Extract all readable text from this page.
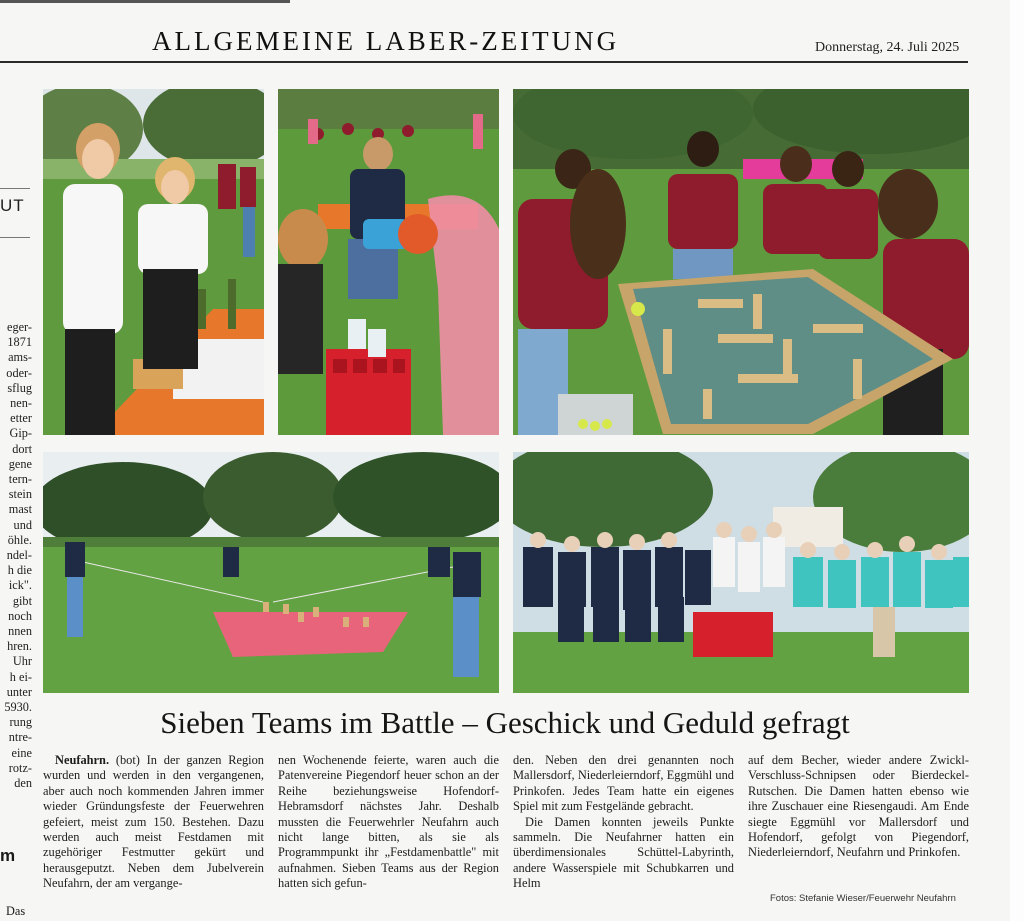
ALLGEMEINE LABER-ZEITUNG	Donnerstag, 24. Juli 2025
UT
eger-
1871
ams-
oder-
sflug
nen-
etter
Gip-
dort
gene
tern-
stein
mast
und
öhle.
ndel-
h die
ick".
gibt
noch
nnen
hren.
Uhr
h ei-
unter
5930.
rung
ntre-
eine
rotz-
den
m
Das
Sieben Teams im Battle – Geschick und Geduld gefragt

Neufahrn. (bot) In der ganzen Region wurden und werden in den vergangenen, aber auch noch kommenden Jahren immer wieder Gründungsfeste der Feuerwehren gefeiert, meist zum 150. Bestehen. Dazu werden auch meist Festdamen mit zugehöriger Festmutter gekürt und herausgeputzt. Neben dem Jubelverein Neufahrn, der am vergange-

nen Wochenende feierte, waren auch die Patenvereine Piegendorf heuer schon an der Reihe beziehungsweise Hofendorf-Hebramsdorf nächstes Jahr. Deshalb mussten die Feuerwehrler Neufahrn auch nicht lange bitten, als sie als Programmpunkt ihr „Festdamenbattle" mit aufnahmen. Sieben Teams aus der Region hatten sich gefun-

den. Neben den drei genannten noch Mallersdorf, Niederleierndorf, Eggmühl und Prinkofen. Jedes Team hatte ein eigenes Spiel mit zum Festgelände gebracht.

Die Damen konnten jeweils Punkte sammeln. Die Neufahrner hatten ein überdimensionales Schüttel-Labyrinth, andere Wasserspiele mit Schubkarren und Helm

auf dem Becher, wieder andere Zwickl-Verschluss-Schnipsen oder Bierdeckel-Rutschen. Die Damen hatten ebenso wie ihre Zuschauer eine Riesengaudi. Am Ende siegte Eggmühl vor Mallersdorf und Hofendorf, gefolgt von Piegendorf, Niederleierndorf, Neufahrn und Prinkofen.

Fotos: Stefanie Wieser/Feuerwehr Neufahrn
